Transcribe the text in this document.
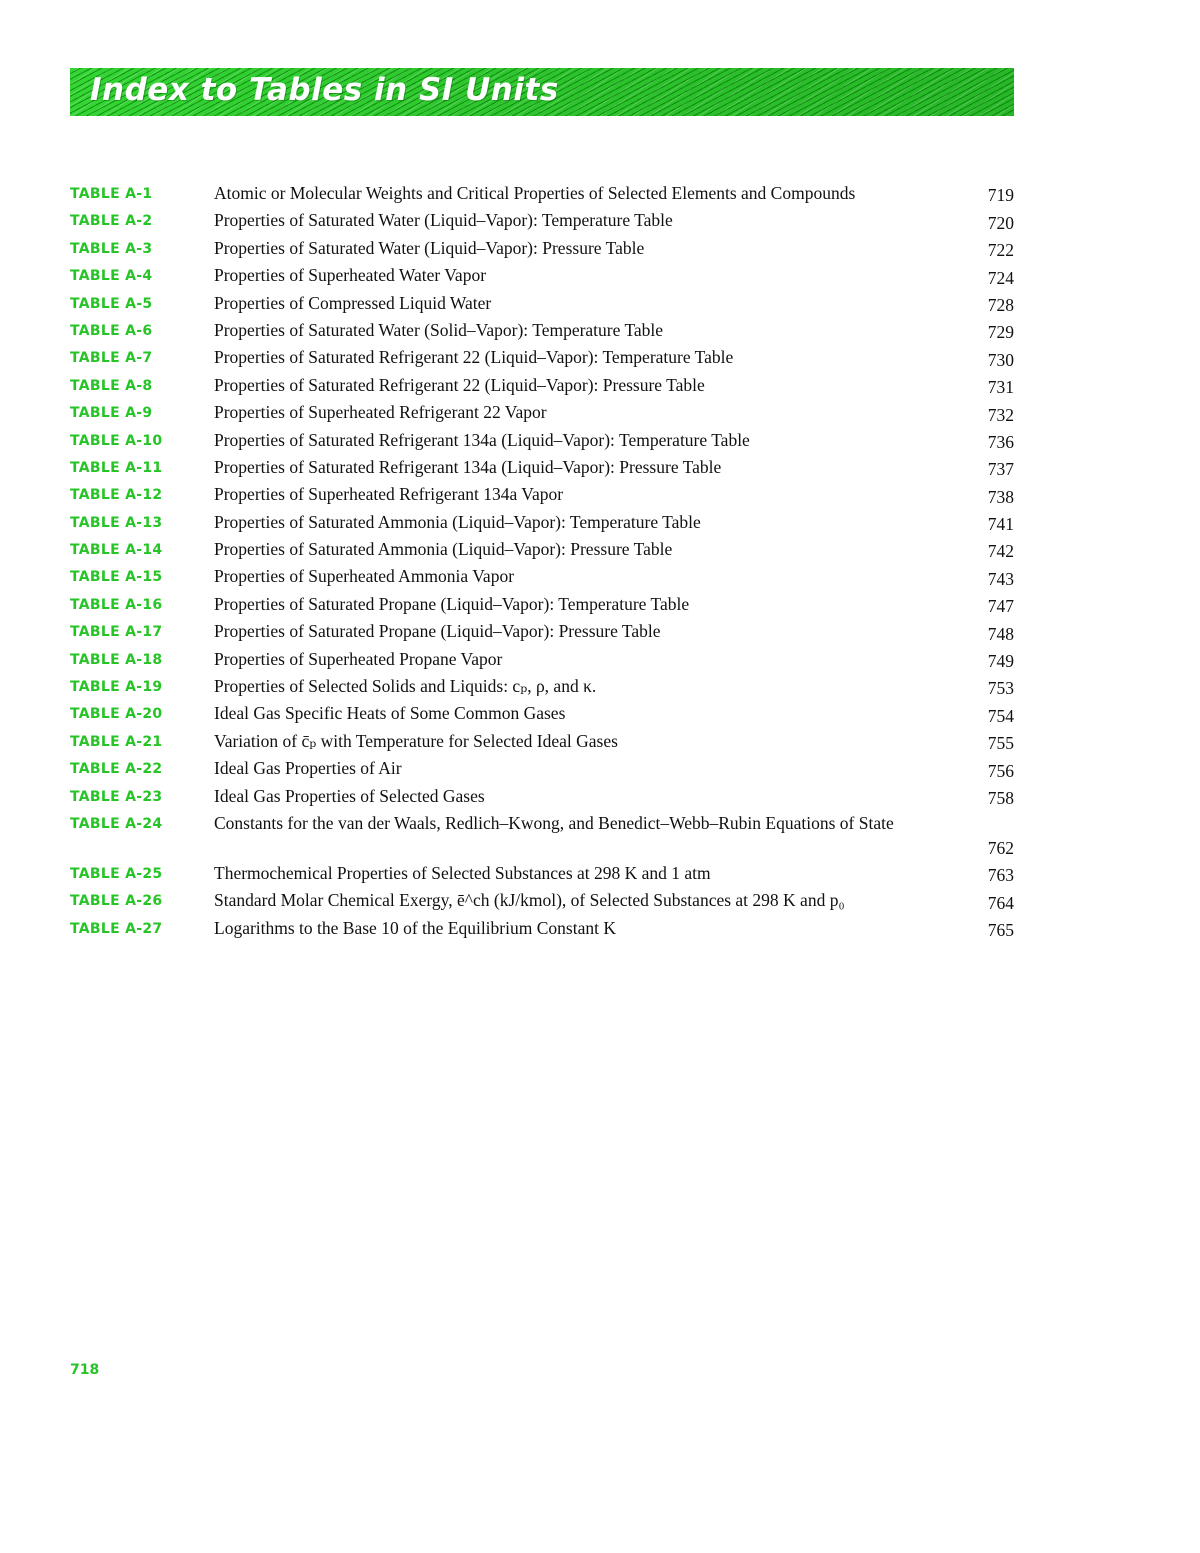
Index to Tables in SI Units
TABLE A-1	Atomic or Molecular Weights and Critical Properties of Selected Elements and Compounds	719
TABLE A-2	Properties of Saturated Water (Liquid–Vapor): Temperature Table	720
TABLE A-3	Properties of Saturated Water (Liquid–Vapor): Pressure Table	722
TABLE A-4	Properties of Superheated Water Vapor	724
TABLE A-5	Properties of Compressed Liquid Water	728
TABLE A-6	Properties of Saturated Water (Solid–Vapor): Temperature Table	729
TABLE A-7	Properties of Saturated Refrigerant 22 (Liquid–Vapor): Temperature Table	730
TABLE A-8	Properties of Saturated Refrigerant 22 (Liquid–Vapor): Pressure Table	731
TABLE A-9	Properties of Superheated Refrigerant 22 Vapor	732
TABLE A-10	Properties of Saturated Refrigerant 134a (Liquid–Vapor): Temperature Table	736
TABLE A-11	Properties of Saturated Refrigerant 134a (Liquid–Vapor): Pressure Table	737
TABLE A-12	Properties of Superheated Refrigerant 134a Vapor	738
TABLE A-13	Properties of Saturated Ammonia (Liquid–Vapor): Temperature Table	741
TABLE A-14	Properties of Saturated Ammonia (Liquid–Vapor): Pressure Table	742
TABLE A-15	Properties of Superheated Ammonia Vapor	743
TABLE A-16	Properties of Saturated Propane (Liquid–Vapor): Temperature Table	747
TABLE A-17	Properties of Saturated Propane (Liquid–Vapor): Pressure Table	748
TABLE A-18	Properties of Superheated Propane Vapor	749
TABLE A-19	Properties of Selected Solids and Liquids: cₚ, ρ, and κ.	753
TABLE A-20	Ideal Gas Specific Heats of Some Common Gases	754
TABLE A-21	Variation of c̄ₚ with Temperature for Selected Ideal Gases	755
TABLE A-22	Ideal Gas Properties of Air	756
TABLE A-23	Ideal Gas Properties of Selected Gases	758
TABLE A-24	Constants for the van der Waals, Redlich–Kwong, and Benedict–Webb–Rubin Equations of State
762
TABLE A-25	Thermochemical Properties of Selected Substances at 298 K and 1 atm	763
TABLE A-26	Standard Molar Chemical Exergy, ē^ch (kJ/kmol), of Selected Substances at 298 K and p₀	764
TABLE A-27	Logarithms to the Base 10 of the Equilibrium Constant K	765
718
